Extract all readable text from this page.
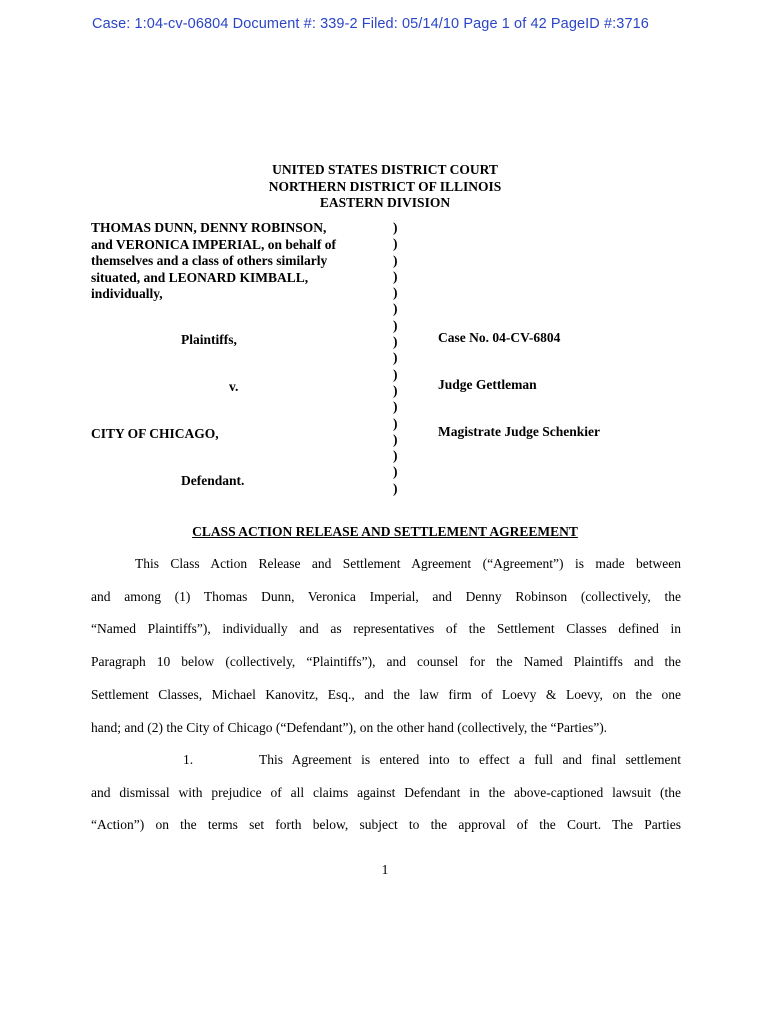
Case: 1:04-cv-06804 Document #: 339-2 Filed: 05/14/10 Page 1 of 42 PageID #:3716
UNITED STATES DISTRICT COURT
NORTHERN DISTRICT OF ILLINOIS
EASTERN DIVISION
THOMAS DUNN, DENNY ROBINSON,
and VERONICA IMPERIAL, on behalf of
themselves and a class of others similarly
situated, and LEONARD KIMBALL,
individually,
Plaintiffs,
v.
CITY OF CHICAGO,
Defendant.
)
)
)
)
)
)
)
)
)
)
)
)
)
)
)
)
)
Case No. 04-CV-6804
Judge Gettleman
Magistrate Judge Schenkier
CLASS ACTION RELEASE AND SETTLEMENT AGREEMENT
This Class Action Release and Settlement Agreement (“Agreement”) is made between
and among (1) Thomas Dunn, Veronica Imperial, and Denny Robinson (collectively, the
“Named Plaintiffs”), individually and as representatives of the Settlement Classes defined in
Paragraph 10 below (collectively, “Plaintiffs”), and counsel for the Named Plaintiffs and the
Settlement Classes, Michael Kanovitz, Esq., and the law firm of Loevy & Loevy, on the one
hand; and (2) the City of Chicago (“Defendant”), on the other hand (collectively, the “Parties”).
1.	This Agreement is entered into to effect a full and final settlement
and dismissal with prejudice of all claims against Defendant in the above-captioned lawsuit (the
“Action”) on the terms set forth below, subject to the approval of the Court. The Parties
1
